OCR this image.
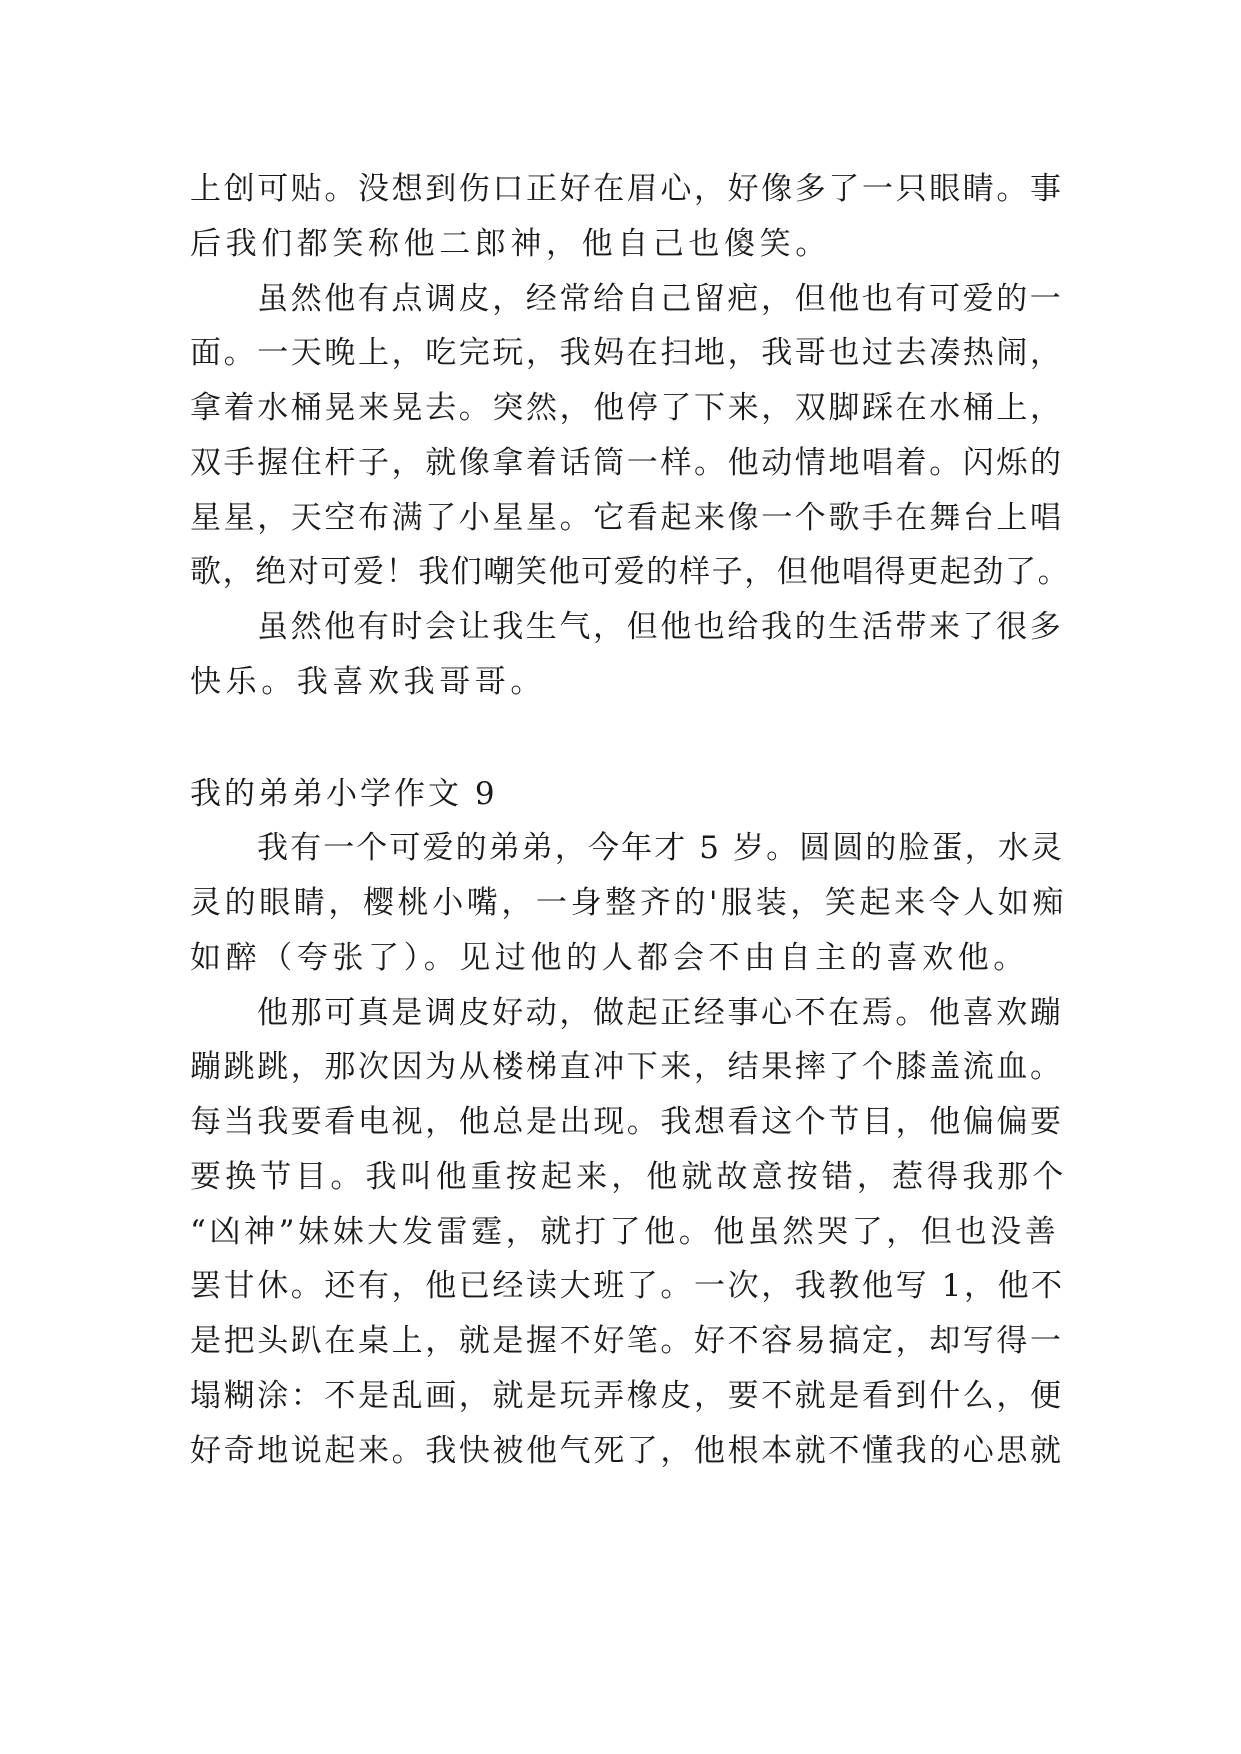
上创可贴。没想到伤口正好在眉心，好像多了一只眼睛。事
后我们都笑称他二郎神，他自己也傻笑。
虽然他有点调皮，经常给自己留疤，但他也有可爱的一
面。一天晚上，吃完玩，我妈在扫地，我哥也过去凑热闹，
拿着水桶晃来晃去。突然，他停了下来，双脚踩在水桶上，
双手握住杆子，就像拿着话筒一样。他动情地唱着。闪烁的
星星，天空布满了小星星。它看起来像一个歌手在舞台上唱
歌，绝对可爱！我们嘲笑他可爱的样子，但他唱得更起劲了。
虽然他有时会让我生气，但他也给我的生活带来了很多
快乐。我喜欢我哥哥。
我的弟弟小学作文 9
我有一个可爱的弟弟，今年才 5 岁。圆圆的脸蛋，水灵
灵的眼睛，樱桃小嘴，一身整齐的'服装，笑起来令人如痴
如醉（夸张了）。见过他的人都会不由自主的喜欢他。
他那可真是调皮好动，做起正经事心不在焉。他喜欢蹦
蹦跳跳，那次因为从楼梯直冲下来，结果摔了个膝盖流血。
每当我要看电视，他总是出现。我想看这个节目，他偏偏要
要换节目。我叫他重按起来，他就故意按错，惹得我那个
“凶神”妹妹大发雷霆，就打了他。他虽然哭了，但也没善
罢甘休。还有，他已经读大班了。一次，我教他写 1，他不
是把头趴在桌上，就是握不好笔。好不容易搞定，却写得一
塌糊涂：不是乱画，就是玩弄橡皮，要不就是看到什么，便
好奇地说起来。我快被他气死了，他根本就不懂我的心思就
